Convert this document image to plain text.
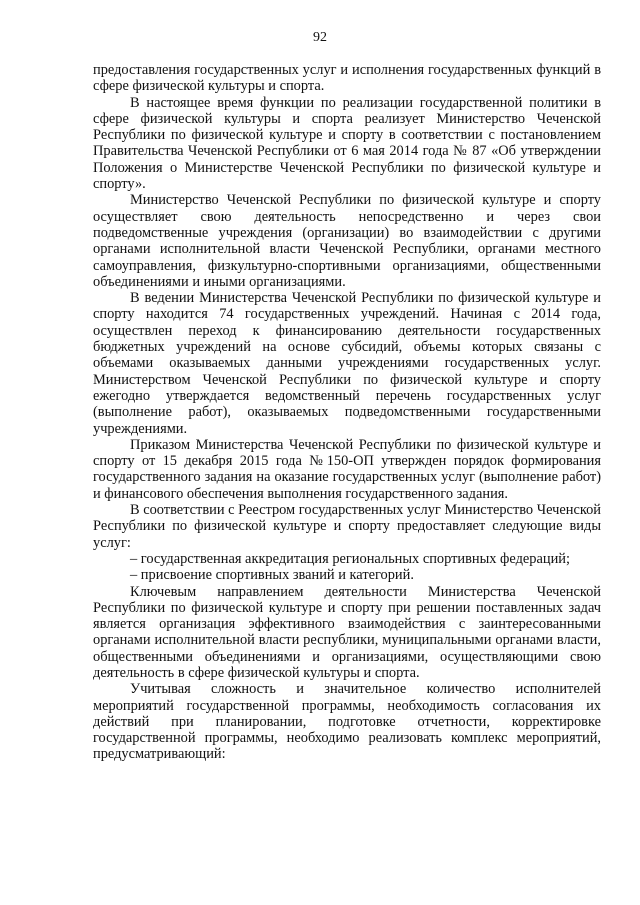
92

предоставления государственных услуг и исполнения государственных функций в сфере физической культуры и спорта.

В настоящее время функции по реализации государственной политики в сфере физической культуры и спорта реализует Министерство Чеченской Республики по физической культуре и спорту в соответствии с постановлением Правительства Чеченской Республики от 6 мая 2014 года № 87 «Об утверждении Положения о Министерстве Чеченской Республики по физической культуре и спорту».

Министерство Чеченской Республики по физической культуре и спорту осуществляет свою деятельность непосредственно и через свои подведомственные учреждения (организации) во взаимодействии с другими органами исполнительной власти Чеченской Республики, органами местного самоуправления, физкультурно-спортивными организациями, общественными объединениями и иными организациями.

В ведении Министерства Чеченской Республики по физической культуре и спорту находится 74 государственных учреждений. Начиная с 2014 года, осуществлен переход к финансированию деятельности государственных бюджетных учреждений на основе субсидий, объемы которых связаны с объемами оказываемых данными учреждениями государственных услуг. Министерством Чеченской Республики по физической культуре и спорту ежегодно утверждается ведомственный перечень государственных услуг (выполнение работ), оказываемых подведомственными государственными учреждениями.

Приказом Министерства Чеченской Республики по физической культуре и спорту от 15 декабря 2015 года №150-ОП утвержден порядок формирования государственного задания на оказание государственных услуг (выполнение работ) и финансового обеспечения выполнения государственного задания.

В соответствии с Реестром государственных услуг Министерство Чеченской Республики по физической культуре и спорту предоставляет следующие виды услуг:

– государственная аккредитация региональных спортивных федераций;

– присвоение спортивных званий и категорий.

Ключевым направлением деятельности Министерства Чеченской Республики по физической культуре и спорту при решении поставленных задач является организация эффективного взаимодействия с заинтересованными органами исполнительной власти республики, муниципальными органами власти, общественными объединениями и организациями, осуществляющими свою деятельность в сфере физической культуры и спорта.

Учитывая сложность и значительное количество исполнителей мероприятий государственной программы, необходимость согласования их действий при планировании, подготовке отчетности, корректировке государственной программы, необходимо реализовать комплекс мероприятий, предусматривающий:
